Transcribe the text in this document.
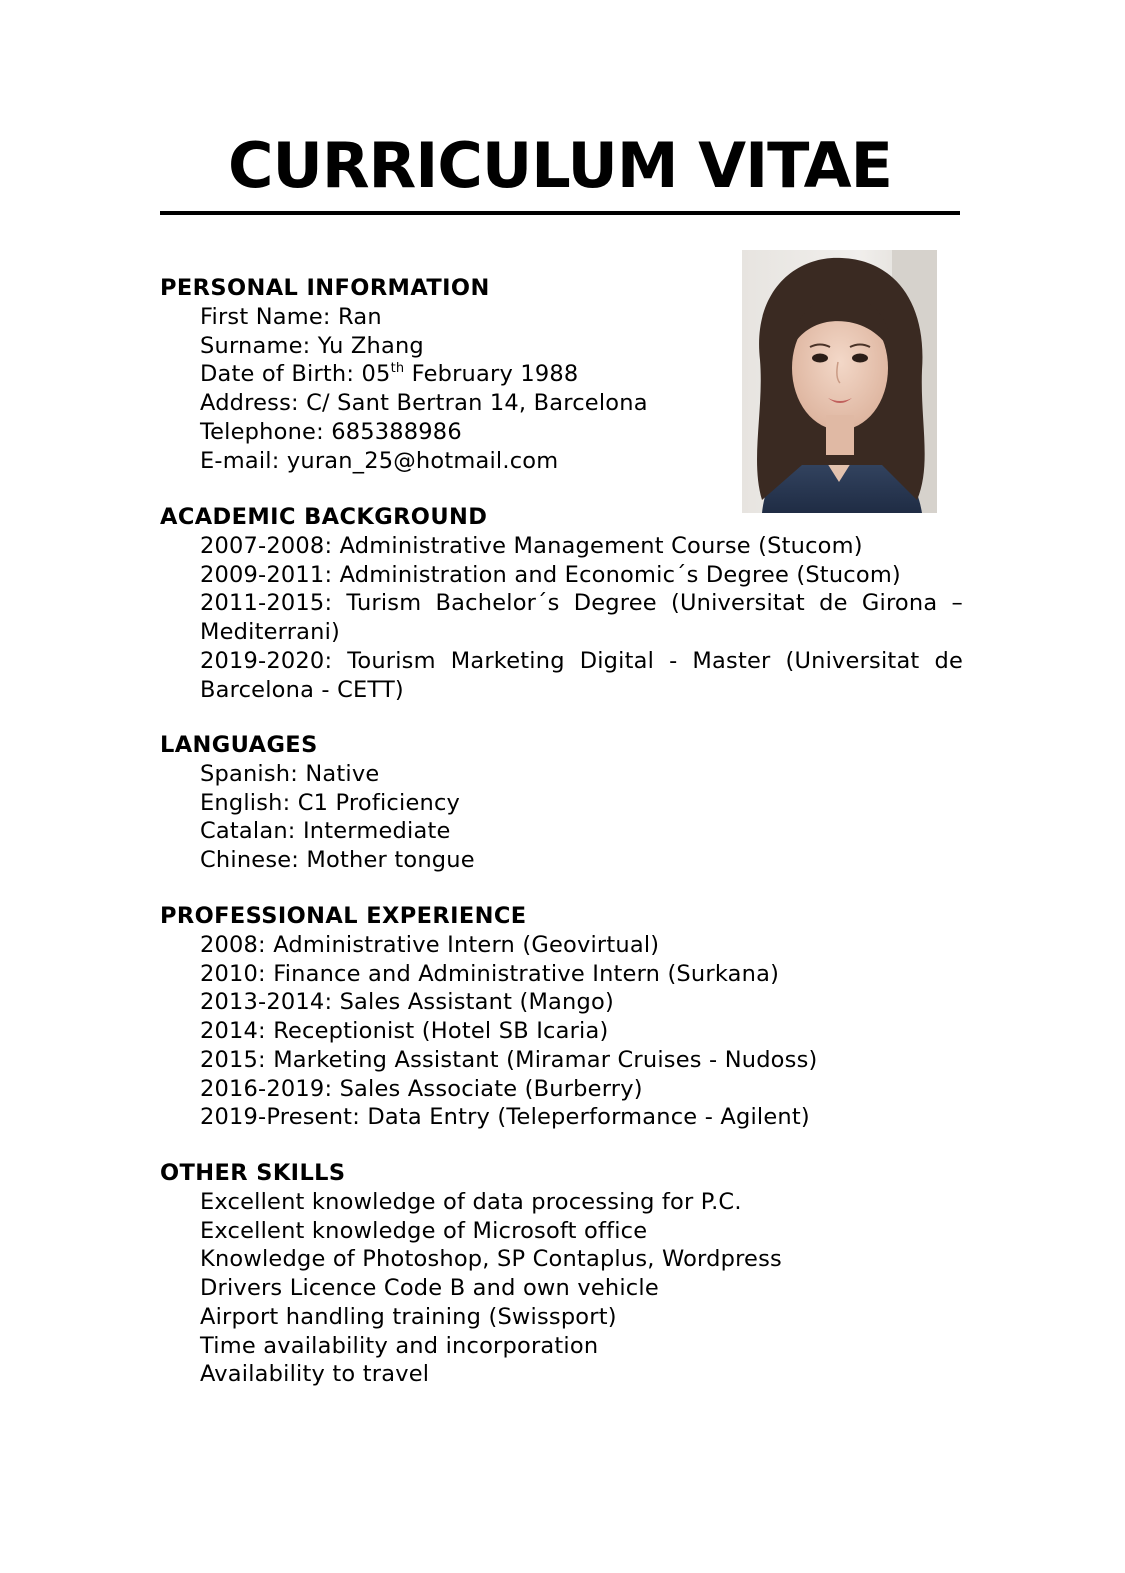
CURRICULUM VITAE
PERSONAL INFORMATION
First Name: Ran
Surname: Yu Zhang
Date of Birth: 05th February 1988
Address: C/ Sant Bertran 14, Barcelona
Telephone: 685388986
E-mail: yuran_25@hotmail.com
ACADEMIC BACKGROUND
2007-2008: Administrative Management Course (Stucom)
2009-2011: Administration and Economic´s Degree (Stucom)
2011-2015: Turism Bachelor´s Degree (Universitat de Girona – Mediterrani)
2019-2020: Tourism Marketing Digital - Master (Universitat de Barcelona - CETT)
LANGUAGES
Spanish: Native
English: C1 Proficiency
Catalan: Intermediate
Chinese: Mother tongue
PROFESSIONAL EXPERIENCE
2008: Administrative Intern (Geovirtual)
2010: Finance and Administrative Intern (Surkana)
2013-2014: Sales Assistant (Mango)
2014: Receptionist (Hotel SB Icaria)
2015: Marketing Assistant (Miramar Cruises - Nudoss)
2016-2019: Sales Associate (Burberry)
2019-Present: Data Entry (Teleperformance - Agilent)
OTHER SKILLS
Excellent knowledge of data processing for P.C.
Excellent knowledge of Microsoft office
Knowledge of Photoshop, SP Contaplus, Wordpress
Drivers Licence Code B and own vehicle
Airport handling training (Swissport)
Time availability and incorporation
Availability to travel
